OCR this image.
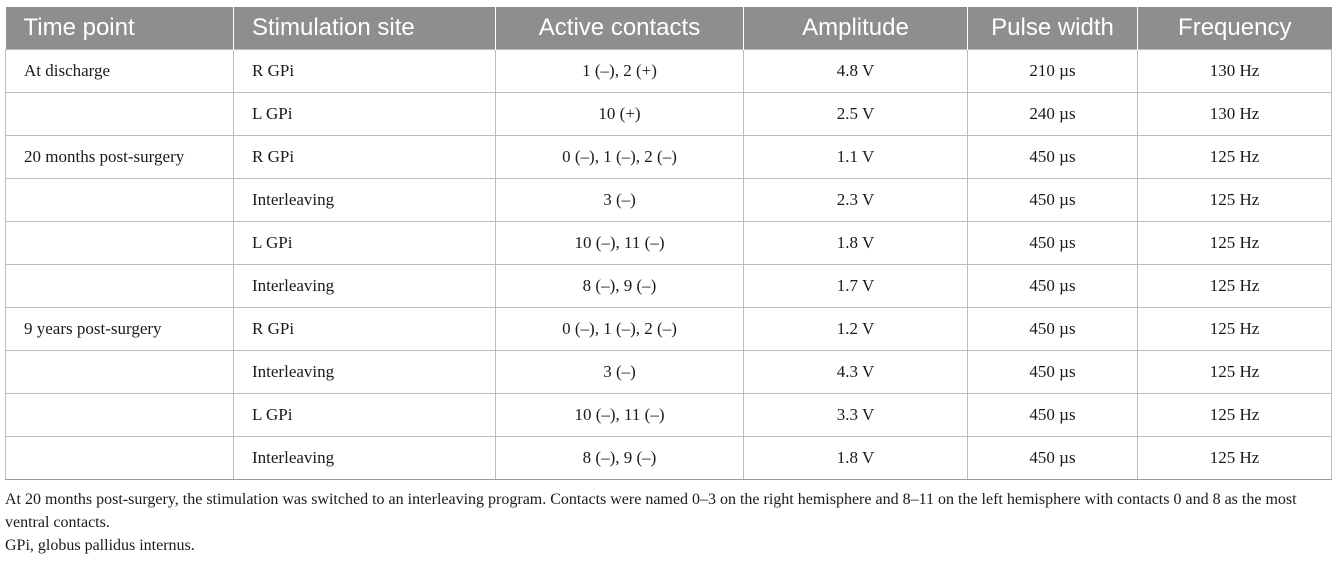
Time point	Stimulation site	Active contacts	Amplitude	Pulse width	Frequency
At discharge	R GPi	1 (–), 2 (+)	4.8 V	210 µs	130 Hz
	L GPi	10 (+)	2.5 V	240 µs	130 Hz
20 months post-surgery	R GPi	0 (–), 1 (–), 2 (–)	1.1 V	450 µs	125 Hz
	Interleaving	3 (–)	2.3 V	450 µs	125 Hz
	L GPi	10 (–), 11 (–)	1.8 V	450 µs	125 Hz
	Interleaving	8 (–), 9 (–)	1.7 V	450 µs	125 Hz
9 years post-surgery	R GPi	0 (–), 1 (–), 2 (–)	1.2 V	450 µs	125 Hz
	Interleaving	3 (–)	4.3 V	450 µs	125 Hz
	L GPi	10 (–), 11 (–)	3.3 V	450 µs	125 Hz
	Interleaving	8 (–), 9 (–)	1.8 V	450 µs	125 Hz

At 20 months post-surgery, the stimulation was switched to an interleaving program. Contacts were named 0–3 on the right hemisphere and 8–11 on the left hemisphere with contacts 0 and 8 as the most ventral contacts.

GPi, globus pallidus internus.
